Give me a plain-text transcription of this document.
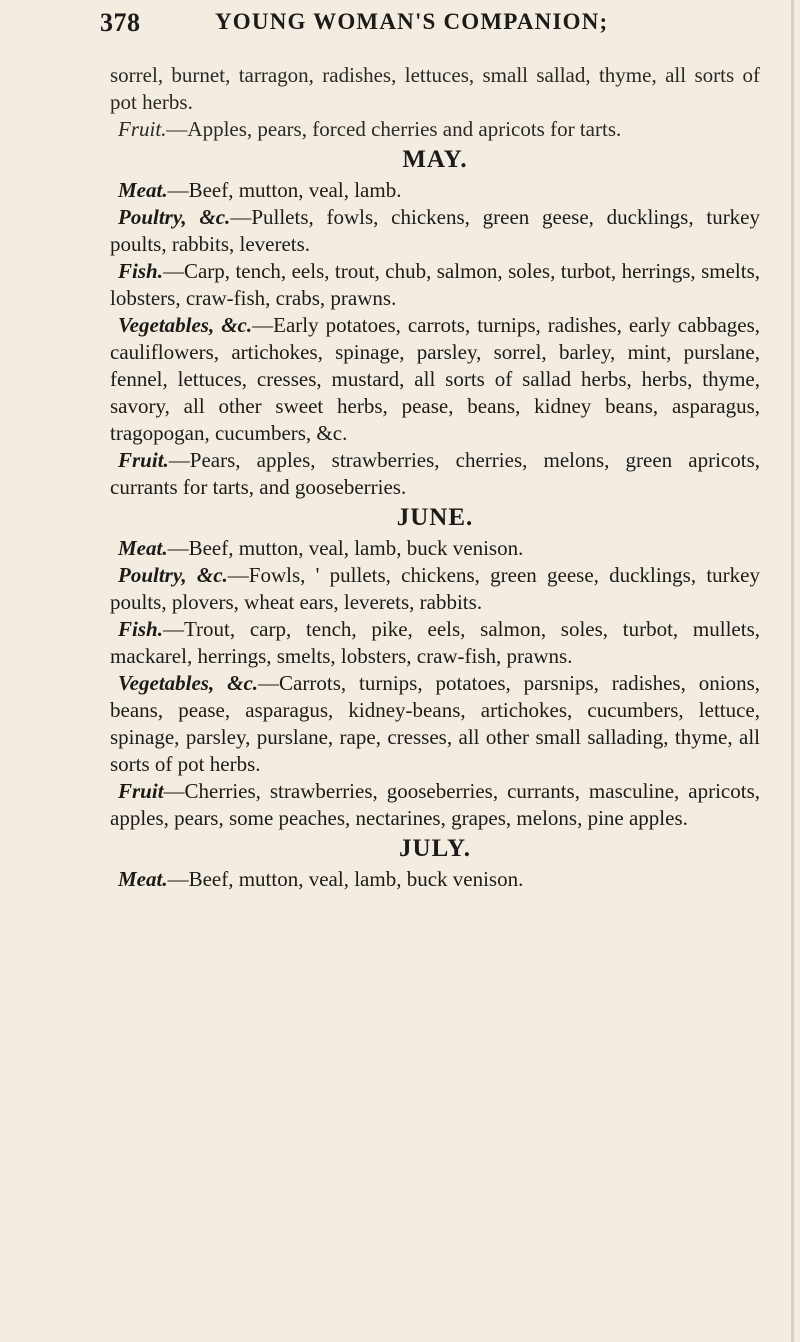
378	YOUNG WOMAN'S COMPANION;

sorrel, burnet, tarragon, radishes, lettuces, small sallad, thyme, all sorts of pot herbs.

Fruit.—Apples, pears, forced cherries and apricots for tarts.

MAY.

Meat.—Beef, mutton, veal, lamb.

Poultry, &c.—Pullets, fowls, chickens, green geese, ducklings, turkey poults, rabbits, leverets.

Fish.—Carp, tench, eels, trout, chub, salmon, soles, turbot, herrings, smelts, lobsters, craw-fish, crabs, prawns.

Vegetables, &c.—Early potatoes, carrots, turnips, radishes, early cabbages, cauliflowers, artichokes, spinage, parsley, sorrel, barley, mint, purslane, fennel, lettuces, cresses, mustard, all sorts of sallad herbs, herbs, thyme, savory, all other sweet herbs, pease, beans, kidney beans, asparagus, tragopogan, cucumbers, &c.

Fruit.—Pears, apples, strawberries, cherries, melons, green apricots, currants for tarts, and gooseberries.

JUNE.

Meat.—Beef, mutton, veal, lamb, buck venison.

Poultry, &c.—Fowls, ' pullets, chickens, green geese, ducklings, turkey poults, plovers, wheat ears, leverets, rabbits.

Fish.—Trout, carp, tench, pike, eels, salmon, soles, turbot, mullets, mackarel, herrings, smelts, lobsters, craw-fish, prawns.

Vegetables, &c.—Carrots, turnips, potatoes, parsnips, radishes, onions, beans, pease, asparagus, kidney-beans, artichokes, cucumbers, lettuce, spinage, parsley, purslane, rape, cresses, all other small sallading, thyme, all sorts of pot herbs.

Fruit—Cherries, strawberries, gooseberries, currants, masculine, apricots, apples, pears, some peaches, nectarines, grapes, melons, pine apples.

JULY.

Meat.—Beef, mutton, veal, lamb, buck venison.
